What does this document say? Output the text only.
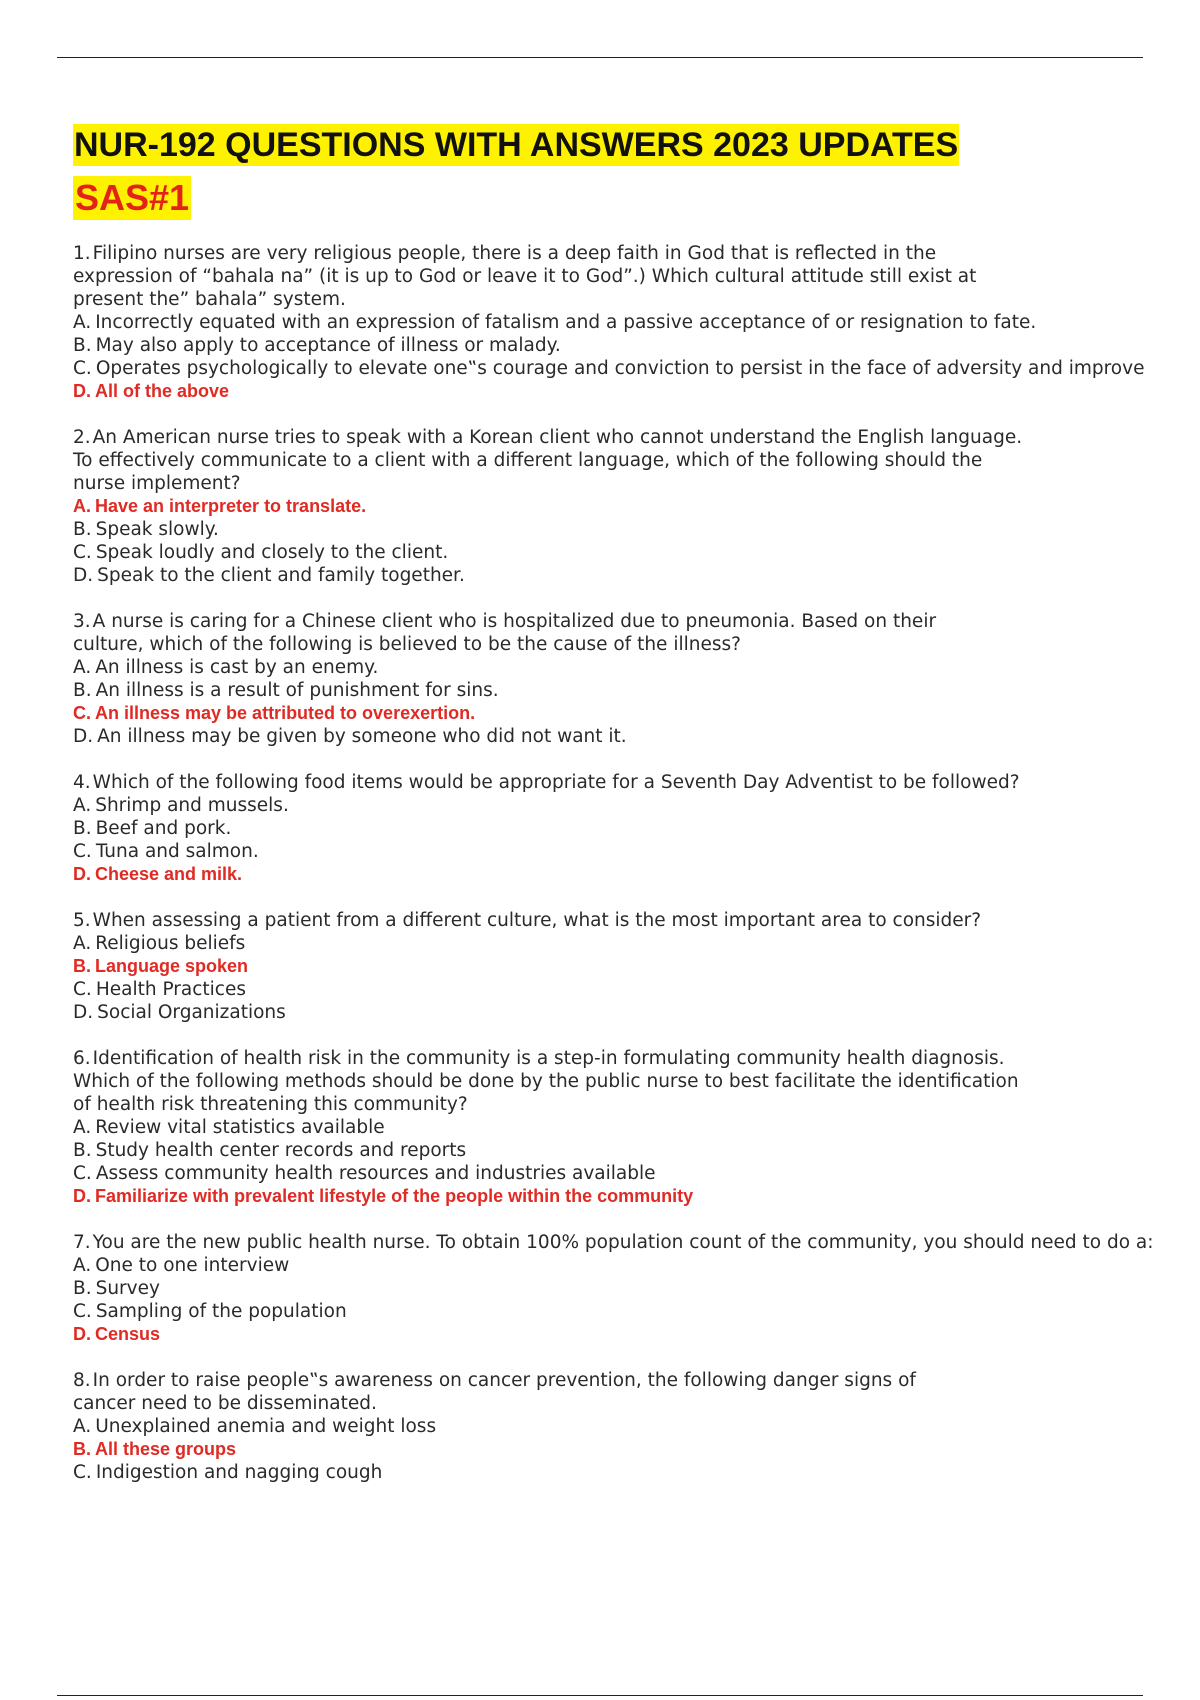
NUR-192 QUESTIONS WITH ANSWERS 2023 UPDATES
SAS#1
1. Filipino nurses are very religious people, there is a deep faith in God that is reflected in the
expression of “bahala na” (it is up to God or leave it to God”.) Which cultural attitude still exist at
present the” bahala” system.
A. Incorrectly equated with an expression of fatalism and a passive acceptance of or resignation to fate.
B. May also apply to acceptance of illness or malady.
C. Operates psychologically to elevate one‟s courage and conviction to persist in the face of adversity and improve
D. All of the above
2. An American nurse tries to speak with a Korean client who cannot understand the English language.
To effectively communicate to a client with a different language, which of the following should the
nurse implement?
A. Have an interpreter to translate.
B. Speak slowly.
C. Speak loudly and closely to the client.
D. Speak to the client and family together.
3. A nurse is caring for a Chinese client who is hospitalized due to pneumonia. Based on their
culture, which of the following is believed to be the cause of the illness?
A. An illness is cast by an enemy.
B. An illness is a result of punishment for sins.
C. An illness may be attributed to overexertion.
D. An illness may be given by someone who did not want it.
4. Which of the following food items would be appropriate for a Seventh Day Adventist to be followed?
A. Shrimp and mussels.
B. Beef and pork.
C. Tuna and salmon.
D. Cheese and milk.
5. When assessing a patient from a different culture, what is the most important area to consider?
A. Religious beliefs
B. Language spoken
C. Health Practices
D. Social Organizations
6. Identification of health risk in the community is a step-in formulating community health diagnosis.
Which of the following methods should be done by the public nurse to best facilitate the identification
of health risk threatening this community?
A. Review vital statistics available
B. Study health center records and reports
C. Assess community health resources and industries available
D. Familiarize with prevalent lifestyle of the people within the community
7. You are the new public health nurse. To obtain 100% population count of the community, you should need to do a:
A. One to one interview
B. Survey
C. Sampling of the population
D. Census
8. In order to raise people‟s awareness on cancer prevention, the following danger signs of
cancer need to be disseminated.
A. Unexplained anemia and weight loss
B. All these groups
C. Indigestion and nagging cough
